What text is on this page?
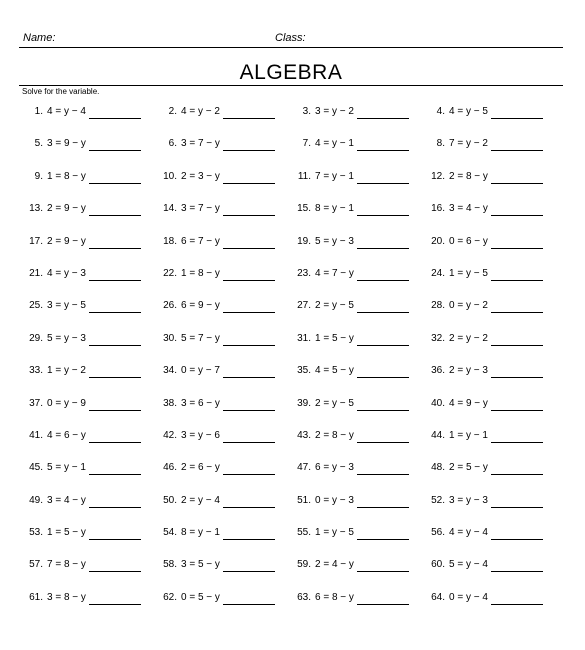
Name:	Class:
ALGEBRA
Solve for the variable.
1. 4 = y − 4	2. 4 = y − 2	3. 3 = y − 2	4. 4 = y − 5
5. 3 = 9 − y	6. 3 = 7 − y	7. 4 = y − 1	8. 7 = y − 2
9. 1 = 8 − y	10. 2 = 3 − y	11. 7 = y − 1	12. 2 = 8 − y
13. 2 = 9 − y	14. 3 = 7 − y	15. 8 = y − 1	16. 3 = 4 − y
17. 2 = 9 − y	18. 6 = 7 − y	19. 5 = y − 3	20. 0 = 6 − y
21. 4 = y − 3	22. 1 = 8 − y	23. 4 = 7 − y	24. 1 = y − 5
25. 3 = y − 5	26. 6 = 9 − y	27. 2 = y − 5	28. 0 = y − 2
29. 5 = y − 3	30. 5 = 7 − y	31. 1 = 5 − y	32. 2 = y − 2
33. 1 = y − 2	34. 0 = y − 7	35. 4 = 5 − y	36. 2 = y − 3
37. 0 = y − 9	38. 3 = 6 − y	39. 2 = y − 5	40. 4 = 9 − y
41. 4 = 6 − y	42. 3 = y − 6	43. 2 = 8 − y	44. 1 = y − 1
45. 5 = y − 1	46. 2 = 6 − y	47. 6 = y − 3	48. 2 = 5 − y
49. 3 = 4 − y	50. 2 = y − 4	51. 0 = y − 3	52. 3 = y − 3
53. 1 = 5 − y	54. 8 = y − 1	55. 1 = y − 5	56. 4 = y − 4
57. 7 = 8 − y	58. 3 = 5 − y	59. 2 = 4 − y	60. 5 = y − 4
61. 3 = 8 − y	62. 0 = 5 − y	63. 6 = 8 − y	64. 0 = y − 4
